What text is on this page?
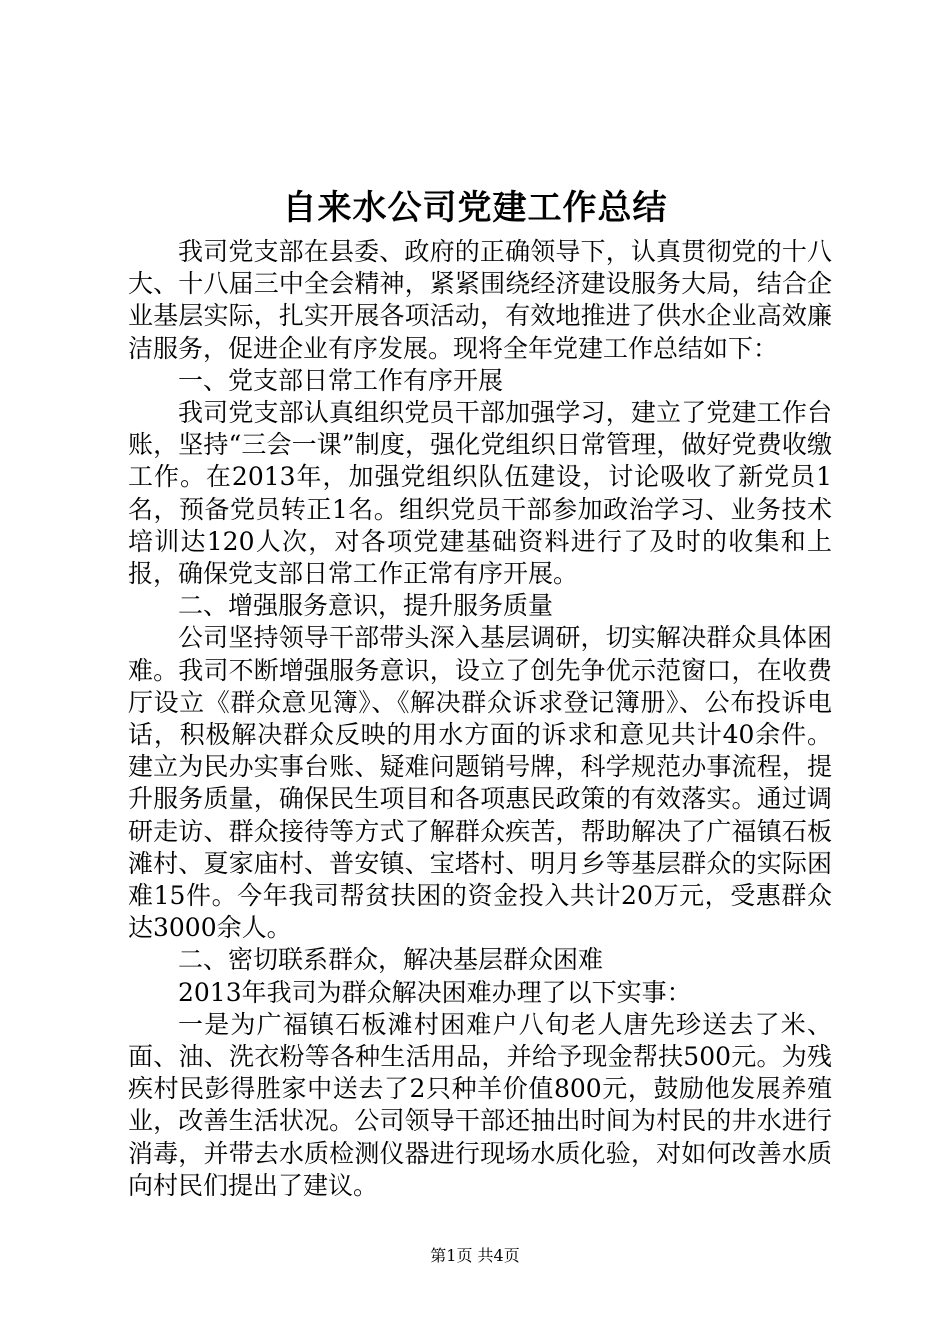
自来水公司党建工作总结

我司党支部在县委、政府的正确领导下，认真贯彻党的十八大、十八届三中全会精神，紧紧围绕经济建设服务大局，结合企业基层实际，扎实开展各项活动，有效地推进了供水企业高效廉洁服务，促进企业有序发展。现将全年党建工作总结如下：

一、党支部日常工作有序开展

我司党支部认真组织党员干部加强学习，建立了党建工作台账，坚持“三会一课”制度，强化党组织日常管理，做好党费收缴工作。在2013年，加强党组织队伍建设，讨论吸收了新党员1名，预备党员转正1名。组织党员干部参加政治学习、业务技术培训达120人次，对各项党建基础资料进行了及时的收集和上报，确保党支部日常工作正常有序开展。

二、增强服务意识，提升服务质量

公司坚持领导干部带头深入基层调研，切实解决群众具体困难。我司不断增强服务意识，设立了创先争优示范窗口，在收费厅设立《群众意见簿》、《解决群众诉求登记簿册》、公布投诉电话，积极解决群众反映的用水方面的诉求和意见共计40余件。建立为民办实事台账、疑难问题销号牌，科学规范办事流程，提升服务质量，确保民生项目和各项惠民政策的有效落实。通过调研走访、群众接待等方式了解群众疾苦，帮助解决了广福镇石板滩村、夏家庙村、普安镇、宝塔村、明月乡等基层群众的实际困难15件。今年我司帮贫扶困的资金投入共计20万元，受惠群众达3000余人。

二、密切联系群众，解决基层群众困难

2013年我司为群众解决困难办理了以下实事：

一是为广福镇石板滩村困难户八旬老人唐先珍送去了米、面、油、洗衣粉等各种生活用品，并给予现金帮扶500元。为残疾村民彭得胜家中送去了2只种羊价值800元，鼓励他发展养殖业，改善生活状况。公司领导干部还抽出时间为村民的井水进行消毒，并带去水质检测仪器进行现场水质化验，对如何改善水质向村民们提出了建议。

第1页 共4页
